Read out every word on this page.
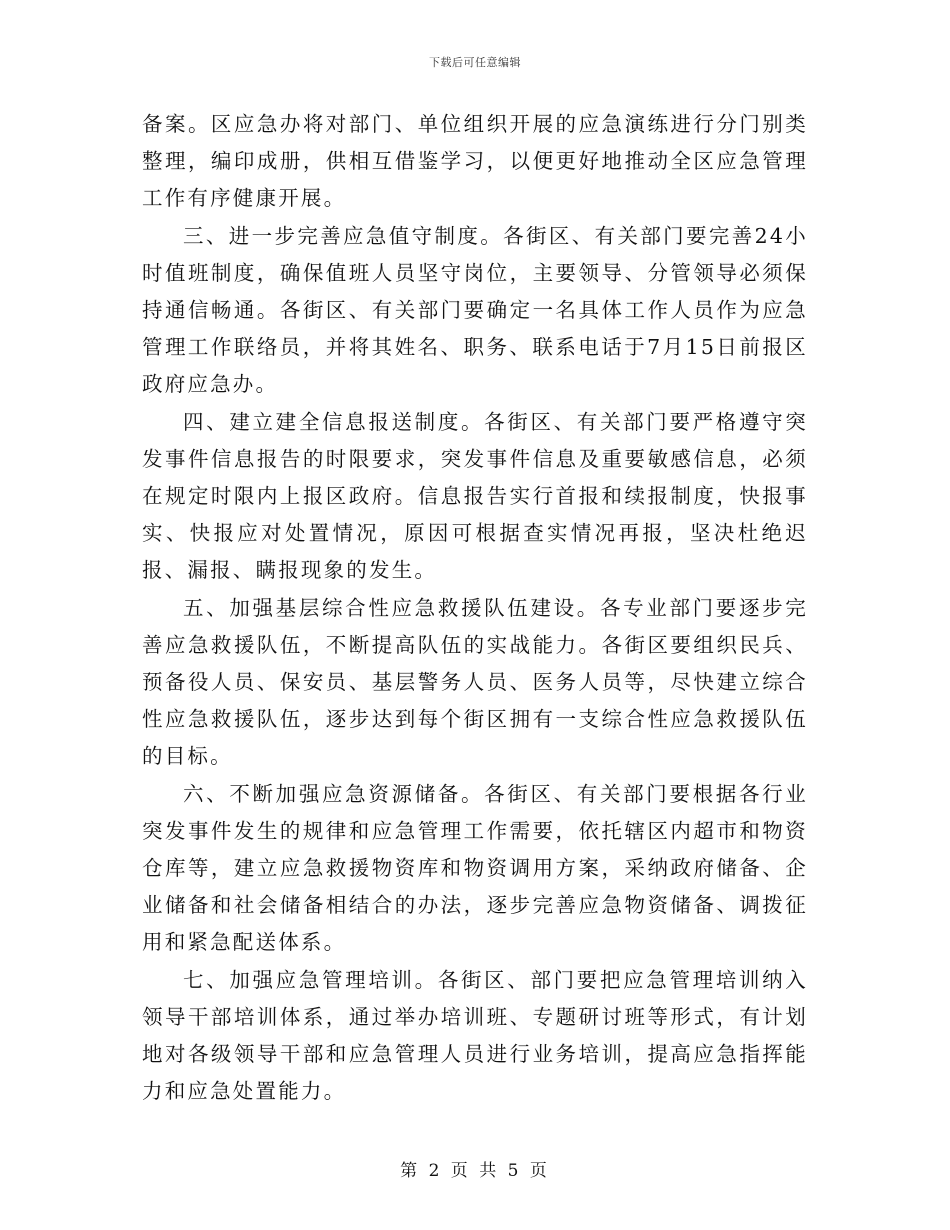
下载后可任意编辑

备案。区应急办将对部门、单位组织开展的应急演练进行分门别类整理，编印成册，供相互借鉴学习，以便更好地推动全区应急管理工作有序健康开展。

三、进一步完善应急值守制度。各街区、有关部门要完善24小时值班制度，确保值班人员坚守岗位，主要领导、分管领导必须保持通信畅通。各街区、有关部门要确定一名具体工作人员作为应急管理工作联络员，并将其姓名、职务、联系电话于7月15日前报区政府应急办。

四、建立建全信息报送制度。各街区、有关部门要严格遵守突发事件信息报告的时限要求，突发事件信息及重要敏感信息，必须在规定时限内上报区政府。信息报告实行首报和续报制度，快报事实、快报应对处置情况，原因可根据查实情况再报，坚决杜绝迟报、漏报、瞒报现象的发生。

五、加强基层综合性应急救援队伍建设。各专业部门要逐步完善应急救援队伍，不断提高队伍的实战能力。各街区要组织民兵、预备役人员、保安员、基层警务人员、医务人员等，尽快建立综合性应急救援队伍，逐步达到每个街区拥有一支综合性应急救援队伍的目标。

六、不断加强应急资源储备。各街区、有关部门要根据各行业突发事件发生的规律和应急管理工作需要，依托辖区内超市和物资仓库等，建立应急救援物资库和物资调用方案，采纳政府储备、企业储备和社会储备相结合的办法，逐步完善应急物资储备、调拨征用和紧急配送体系。

七、加强应急管理培训。各街区、部门要把应急管理培训纳入领导干部培训体系，通过举办培训班、专题研讨班等形式，有计划地对各级领导干部和应急管理人员进行业务培训，提高应急指挥能力和应急处置能力。

第 2 页 共 5 页
